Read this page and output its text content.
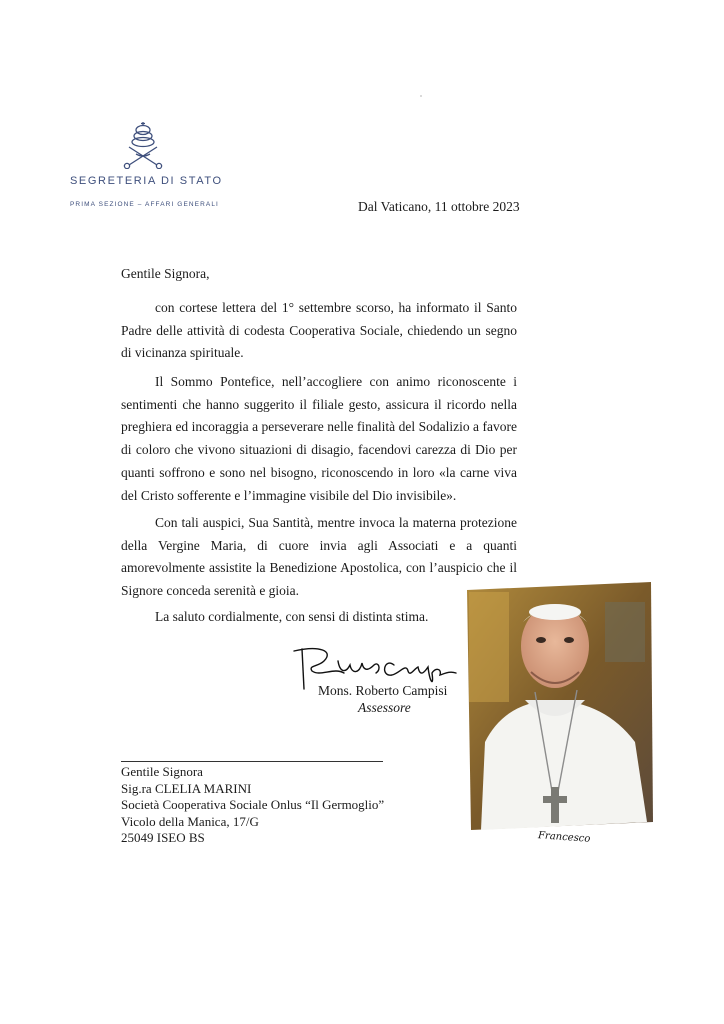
SEGRETERIA DI STATO
PRIMA SEZIONE – AFFARI GENERALI	Dal Vaticano, 11 ottobre 2023
Gentile Signora,

con cortese lettera del 1° settembre scorso, ha informato il Santo Padre delle attività di codesta Cooperativa Sociale, chiedendo un segno di vicinanza spirituale.

Il Sommo Pontefice, nell’accogliere con animo riconoscente i sentimenti che hanno suggerito il filiale gesto, assicura il ricordo nella preghiera ed incoraggia a perseverare nelle finalità del Sodalizio a favore di coloro che vivono situazioni di disagio, facendovi carezza di Dio per quanti soffrono e sono nel bisogno, riconoscendo in loro «la carne viva del Cristo sofferente e l’immagine visibile del Dio invisibile».

Con tali auspici, Sua Santità, mentre invoca la materna protezione della Vergine Maria, di cuore invia agli Associati e a quanti amorevolmente assistite la Benedizione Apostolica, con l’auspicio che il Signore conceda serenità e gioia.

La saluto cordialmente, con sensi di distinta stima.
Mons. Roberto Campisi
Assessore
Gentile Signora
Sig.ra CLELIA MARINI
Società Cooperativa Sociale Onlus “Il Germoglio”
Vicolo della Manica, 17/G
25049 ISEO BS	Francesco
